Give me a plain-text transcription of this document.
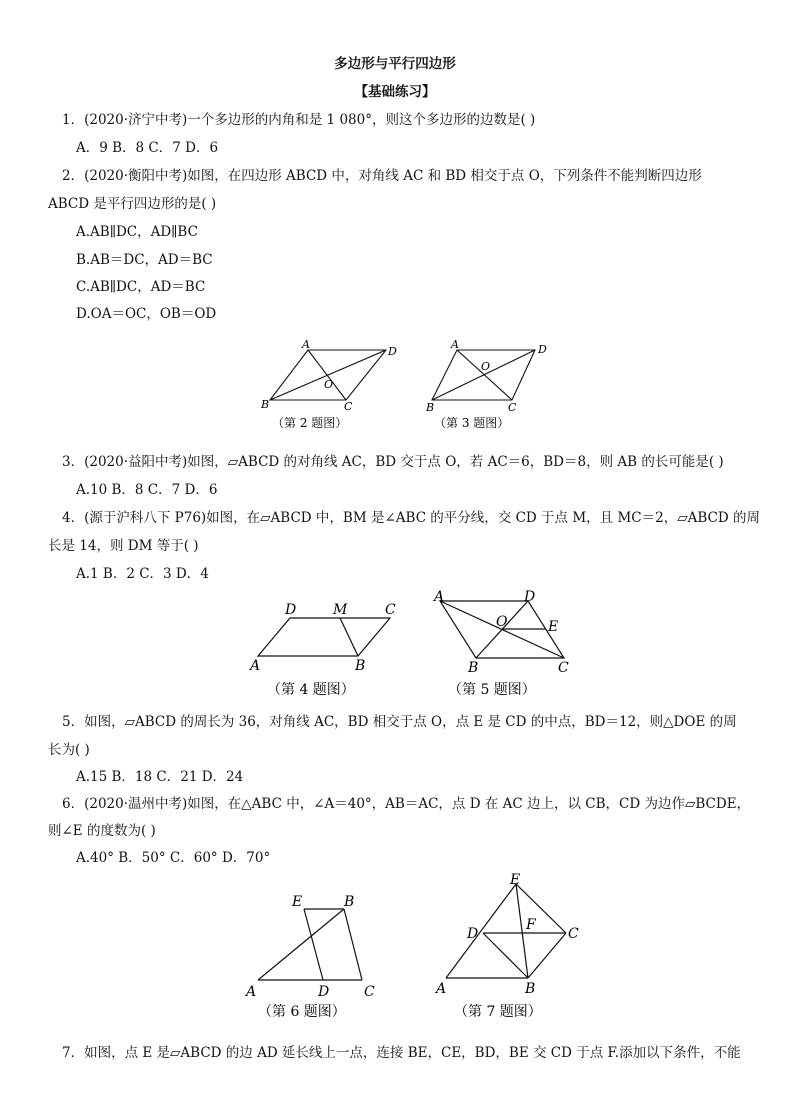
多边形与平行四边形
【基础练习】
1．(2020·济宁中考)一个多边形的内角和是 1 080°，则这个多边形的边数是( )
A．9 B．8 C．7 D．6
2．(2020·衡阳中考)如图，在四边形 ABCD 中，对角线 AC 和 BD 相交于点 O，下列条件不能判断四边形
ABCD 是平行四边形的是( )
A.AB∥DC，AD∥BC
B.AB＝DC，AD＝BC
C.AB∥DC，AD＝BC
D.OA＝OC，OB＝OD
A
D
B	C
O
（第 2 题图）
A	D
B	C
O
（第 3 题图）
3．(2020·益阳中考)如图，▱ABCD 的对角线 AC，BD 交于点 O，若 AC＝6，BD＝8，则 AB 的长可能是( )
A.10 B．8 C．7 D．6
4．(源于沪科八下 P76)如图，在▱ABCD 中，BM 是∠ABC 的平分线，交 CD 于点 M，且 MC＝2，▱ABCD 的周
长是 14，则 DM 等于( )
A.1 B．2 C．3 D．4
D	M	C
A	B
（第 4 题图）
A	D
O	E
B	C
（第 5 题图）
5．如图，▱ABCD 的周长为 36，对角线 AC，BD 相交于点 O，点 E 是 CD 的中点，BD＝12，则△DOE 的周
长为( )
A.15 B．18 C．21 D．24
6．(2020·温州中考)如图，在△ABC 中，∠A＝40°，AB＝AC，点 D 在 AC 边上，以 CB，CD 为边作▱BCDE，
则∠E 的度数为( )
A.40° B．50° C．60° D．70°
E	B
A	D C
（第 6 题图）
E
D
F
C
A	B
（第 7 题图）
7．如图，点 E 是▱ABCD 的边 AD 延长线上一点，连接 BE，CE，BD，BE 交 CD 于点 F.添加以下条件，不能
